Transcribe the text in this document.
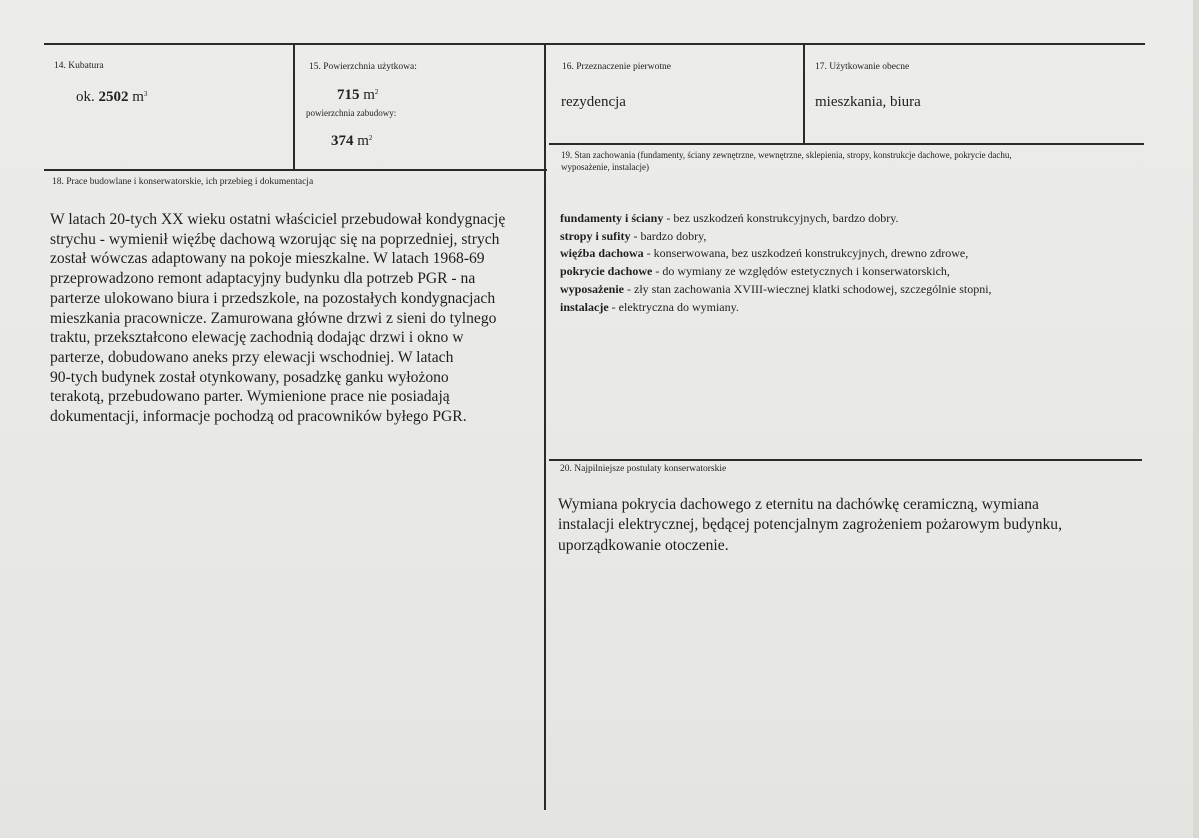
14. Kubatura
ok. 2502 $m^3$
15. Powierzchnia użytkowa:
715 $m^2$
powierzchnia zabudowy:
374 $m^2$
16. Przeznaczenie pierwotne
rezydencja
17. Użytkowanie obecne
mieszkania, biura
18. Prace budowlane i konserwatorskie, ich przebieg i dokumentacja
W latach 20-tych XX wieku ostatni właściciel przebudował kondygnację
strychu - wymienił więźbę dachową wzorując się na poprzedniej, strych
został wówczas adaptowany na pokoje mieszkalne. W latach 1968-69
przeprowadzono remont adaptacyjny budynku dla potrzeb PGR - na
parterze ulokowano biura i przedszkole, na pozostałych kondygnacjach
mieszkania pracownicze. Zamurowana główne drzwi z sieni do tylnego
traktu, przekształcono elewację zachodnią dodając drzwi i okno w
parterze, dobudowano aneks przy elewacji wschodniej. W latach
90-tych budynek został otynkowany, posadzkę ganku wyłożono
terakotą, przebudowano parter. Wymienione prace nie posiadają
dokumentacji, informacje pochodzą od pracowników byłego PGR.
19. Stan zachowania (fundamenty, ściany zewnętrzne, wewnętrzne, sklepienia, stropy, konstrukcje dachowe, pokrycie dachu,
wyposażenie, instalacje)

fundamenty i ściany - bez uszkodzeń konstrukcyjnych, bardzo dobry.

stropy i sufity - bardzo dobry,

więźba dachowa - konserwowana, bez uszkodzeń konstrukcyjnych, drewno zdrowe,

pokrycie dachowe - do wymiany ze względów estetycznych i konserwatorskich,

wyposażenie - zły stan zachowania XVIII-wiecznej klatki schodowej, szczególnie stopni,

instalacje - elektryczna do wymiany.

20. Najpilniejsze postulaty konserwatorskie
Wymiana pokrycia dachowego z eternitu na dachówkę ceramiczną, wymiana
instalacji elektrycznej, będącej potencjalnym zagrożeniem pożarowym budynku,
uporządkowanie otoczenie.
